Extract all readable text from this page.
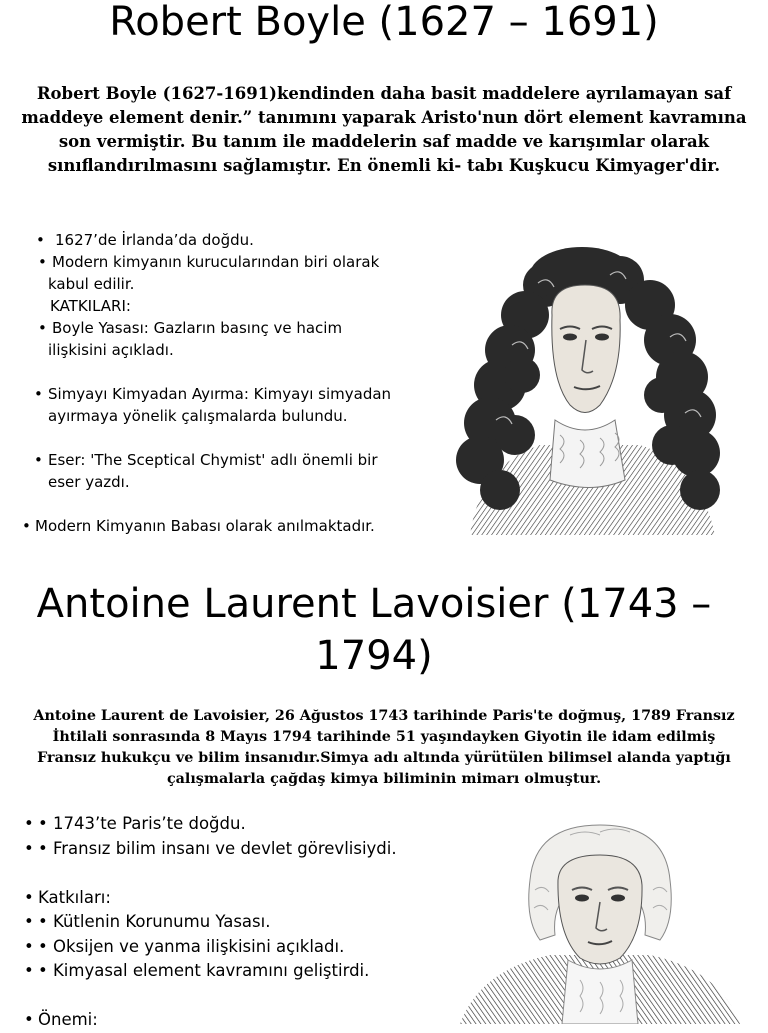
Robert Boyle (1627 – 1691)
Robert Boyle (1627-1691)kendinden daha basit maddelere ayrılamayan saf maddeye element denir.” tanımını yaparak Aristo'nun dört element kavramına son vermiştir. Bu tanım ile maddelerin saf madde ve karışımlar olarak sınıflandırılmasını sağlamıştır. En önemli ki- tabı Kuşkucu Kimyager'dir.
• 1627’de İrlanda’da doğdu.
• Modern kimyanın kurucularından biri olarak
kabul edilir.
KATKILARI:
• Boyle Yasası: Gazların basınç ve hacim
ilişkisini açıkladı.
• Simyayı Kimyadan Ayırma: Kimyayı simyadan
ayırmaya yönelik çalışmalarda bulundu.
• Eser: 'The Sceptical Chymist' adlı önemli bir
eser yazdı.
• Modern Kimyanın Babası olarak anılmaktadır.
Antoine Laurent Lavoisier (1743 –
1794)
Antoine Laurent de Lavoisier, 26 Ağustos 1743 tarihinde Paris'te doğmuş, 1789 Fransız İhtilali sonrasında 8 Mayıs 1794 tarihinde 51 yaşındayken Giyotin ile idam edilmiş Fransız hukukçu ve bilim insanıdır.Simya adı altında yürütülen bilimsel alanda yaptığı çalışmalarla çağdaş kimya biliminin mimarı olmuştur.
• • 1743’te Paris’te doğdu.
• • Fransız bilim insanı ve devlet görevlisiydi.
• Katkıları:
• • Kütlenin Korunumu Yasası.
• • Oksijen ve yanma ilişkisini açıkladı.
• • Kimyasal element kavramını geliştirdi.
• Önemi:
